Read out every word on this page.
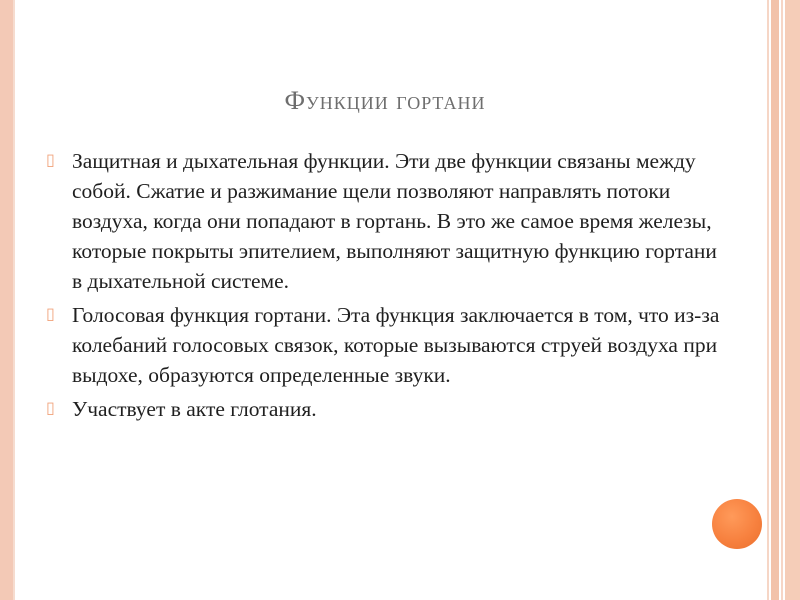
Функции гортани
▯ Защитная и дыхательная функции. Эти две функции связаны между собой. Сжатие и разжимание щели позволяют направлять потоки воздуха, когда они попадают в гортань. В это же самое время железы, которые покрыты эпителием, выполняют защитную функцию гортани в дыхательной системе.
▯ Голосовая функция гортани. Эта функция заключается в том, что из-за колебаний голосовых связок, которые вызываются струей воздуха при выдохе, образуются определенные звуки.
▯ Участвует в акте глотания.
